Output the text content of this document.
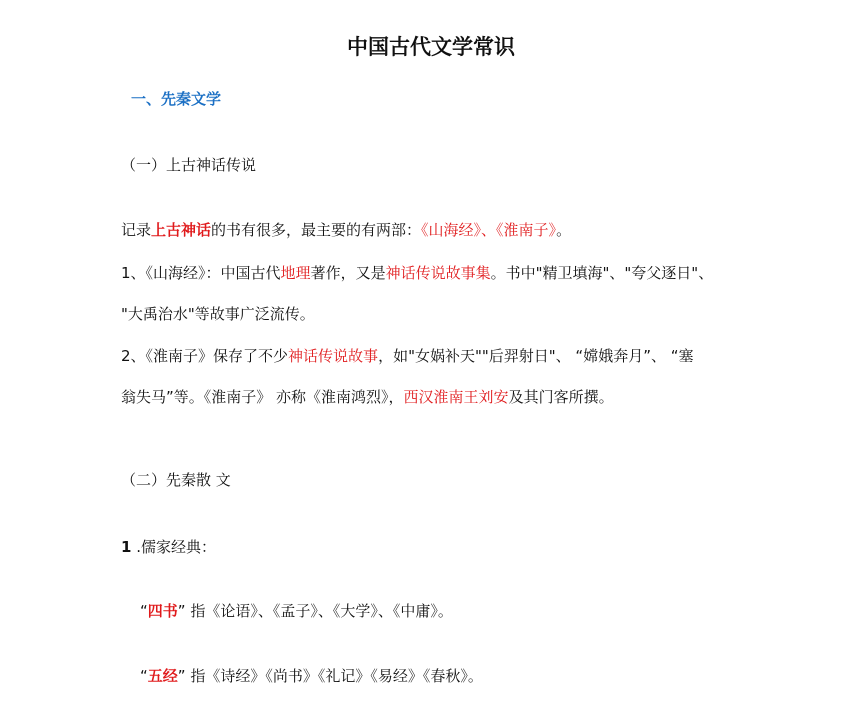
中国古代文学常识
一、先秦文学
（一）上古神话传说
记录上古神话的书有很多，最主要的有两部：《山海经》、《淮南子》。
1、《山海经》：中国古代地理著作，又是神话传说故事集。书中"精卫填海"、"夸父逐日"、
"大禹治水"等故事广泛流传。
2、《淮南子》保存了不少神话传说故事，如"女娲补天""后羿射日"、 “嫦娥奔月”、 “塞
翁失马”等。《淮南子》 亦称《淮南鸿烈》，西汉淮南王刘安及其门客所撰。
（二）先秦散 文
1 .儒家经典：
“四书” 指《论语》、《孟子》、《大学》、《中庸》。
“五经” 指《诗经》《尚书》《礼记》《易经》《春秋》。
